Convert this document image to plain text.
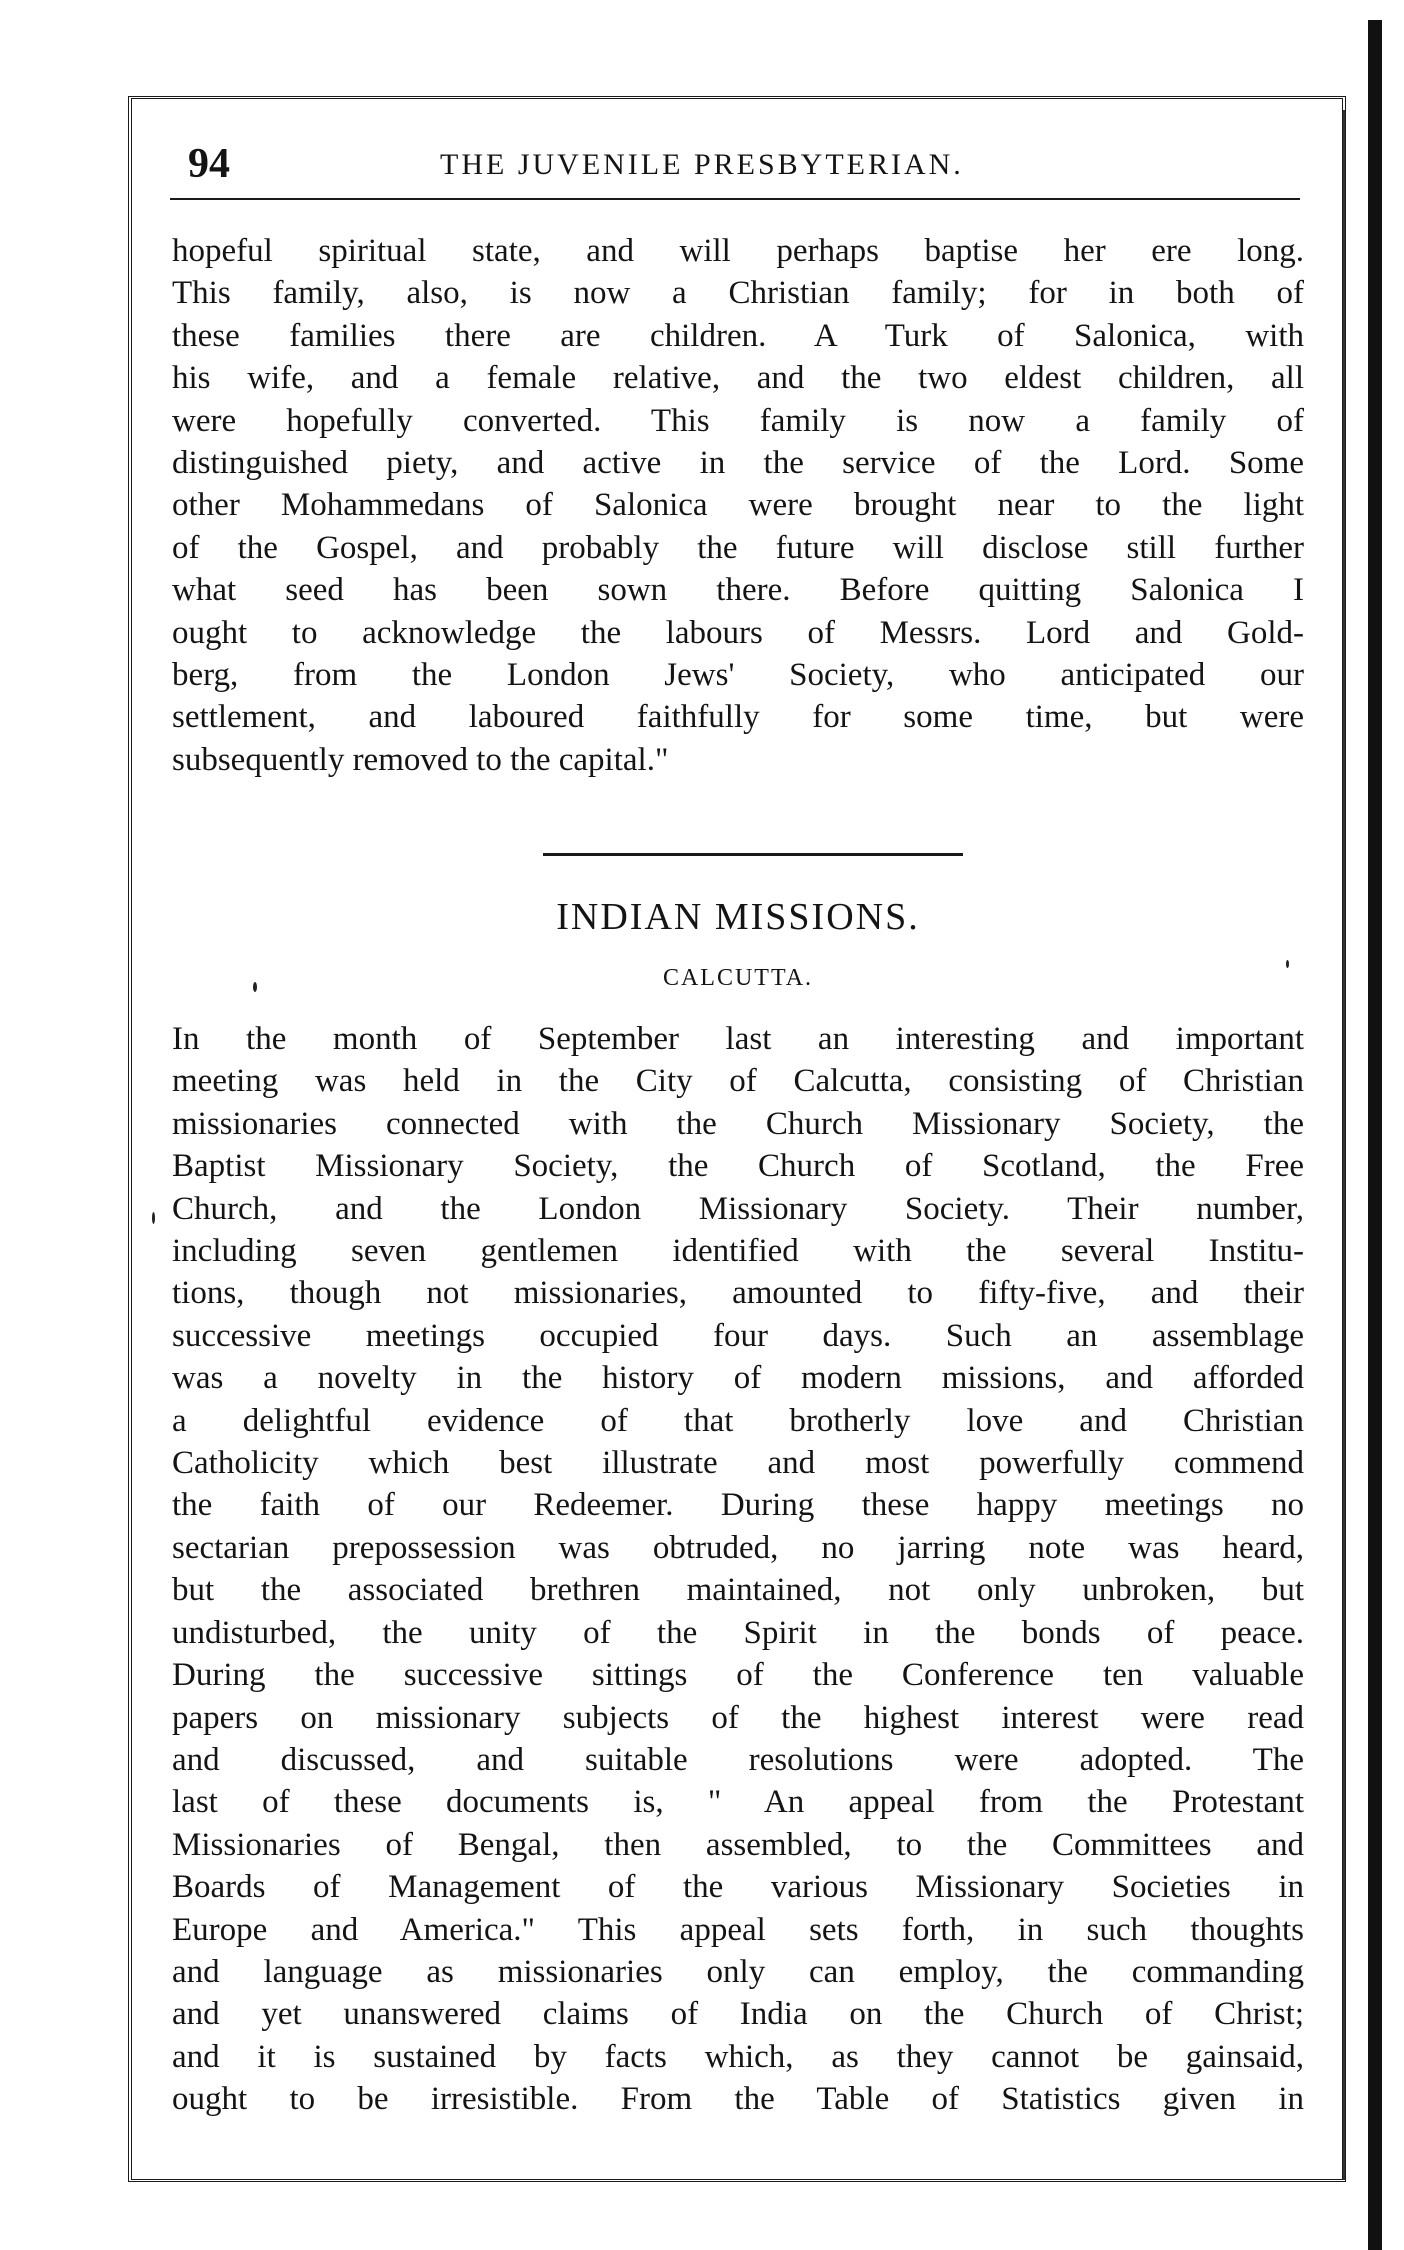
94	THE JUVENILE PRESBYTERIAN.
hopeful spiritual state, and will perhaps baptise her ere long.
This family, also, is now a Christian family; for in both of
these families there are children. A Turk of Salonica, with
his wife, and a female relative, and the two eldest children, all
were hopefully converted. This family is now a family of
distinguished piety, and active in the service of the Lord. Some
other Mohammedans of Salonica were brought near to the light
of the Gospel, and probably the future will disclose still further
what seed has been sown there. Before quitting Salonica I
ought to acknowledge the labours of Messrs. Lord and Gold-
berg, from the London Jews' Society, who anticipated our
settlement, and laboured faithfully for some time, but were
subsequently removed to the capital."
INDIAN MISSIONS.
CALCUTTA.
In the month of September last an interesting and important
meeting was held in the City of Calcutta, consisting of Christian
missionaries connected with the Church Missionary Society, the
Baptist Missionary Society, the Church of Scotland, the Free
Church, and the London Missionary Society. Their number,
including seven gentlemen identified with the several Institu-
tions, though not missionaries, amounted to fifty-five, and their
successive meetings occupied four days. Such an assemblage
was a novelty in the history of modern missions, and afforded
a delightful evidence of that brotherly love and Christian
Catholicity which best illustrate and most powerfully commend
the faith of our Redeemer. During these happy meetings no
sectarian prepossession was obtruded, no jarring note was heard,
but the associated brethren maintained, not only unbroken, but
undisturbed, the unity of the Spirit in the bonds of peace.
During the successive sittings of the Conference ten valuable
papers on missionary subjects of the highest interest were read
and discussed, and suitable resolutions were adopted. The
last of these documents is, " An appeal from the Protestant
Missionaries of Bengal, then assembled, to the Committees and
Boards of Management of the various Missionary Societies in
Europe and America." This appeal sets forth, in such thoughts
and language as missionaries only can employ, the commanding
and yet unanswered claims of India on the Church of Christ;
and it is sustained by facts which, as they cannot be gainsaid,
ought to be irresistible. From the Table of Statistics given in
